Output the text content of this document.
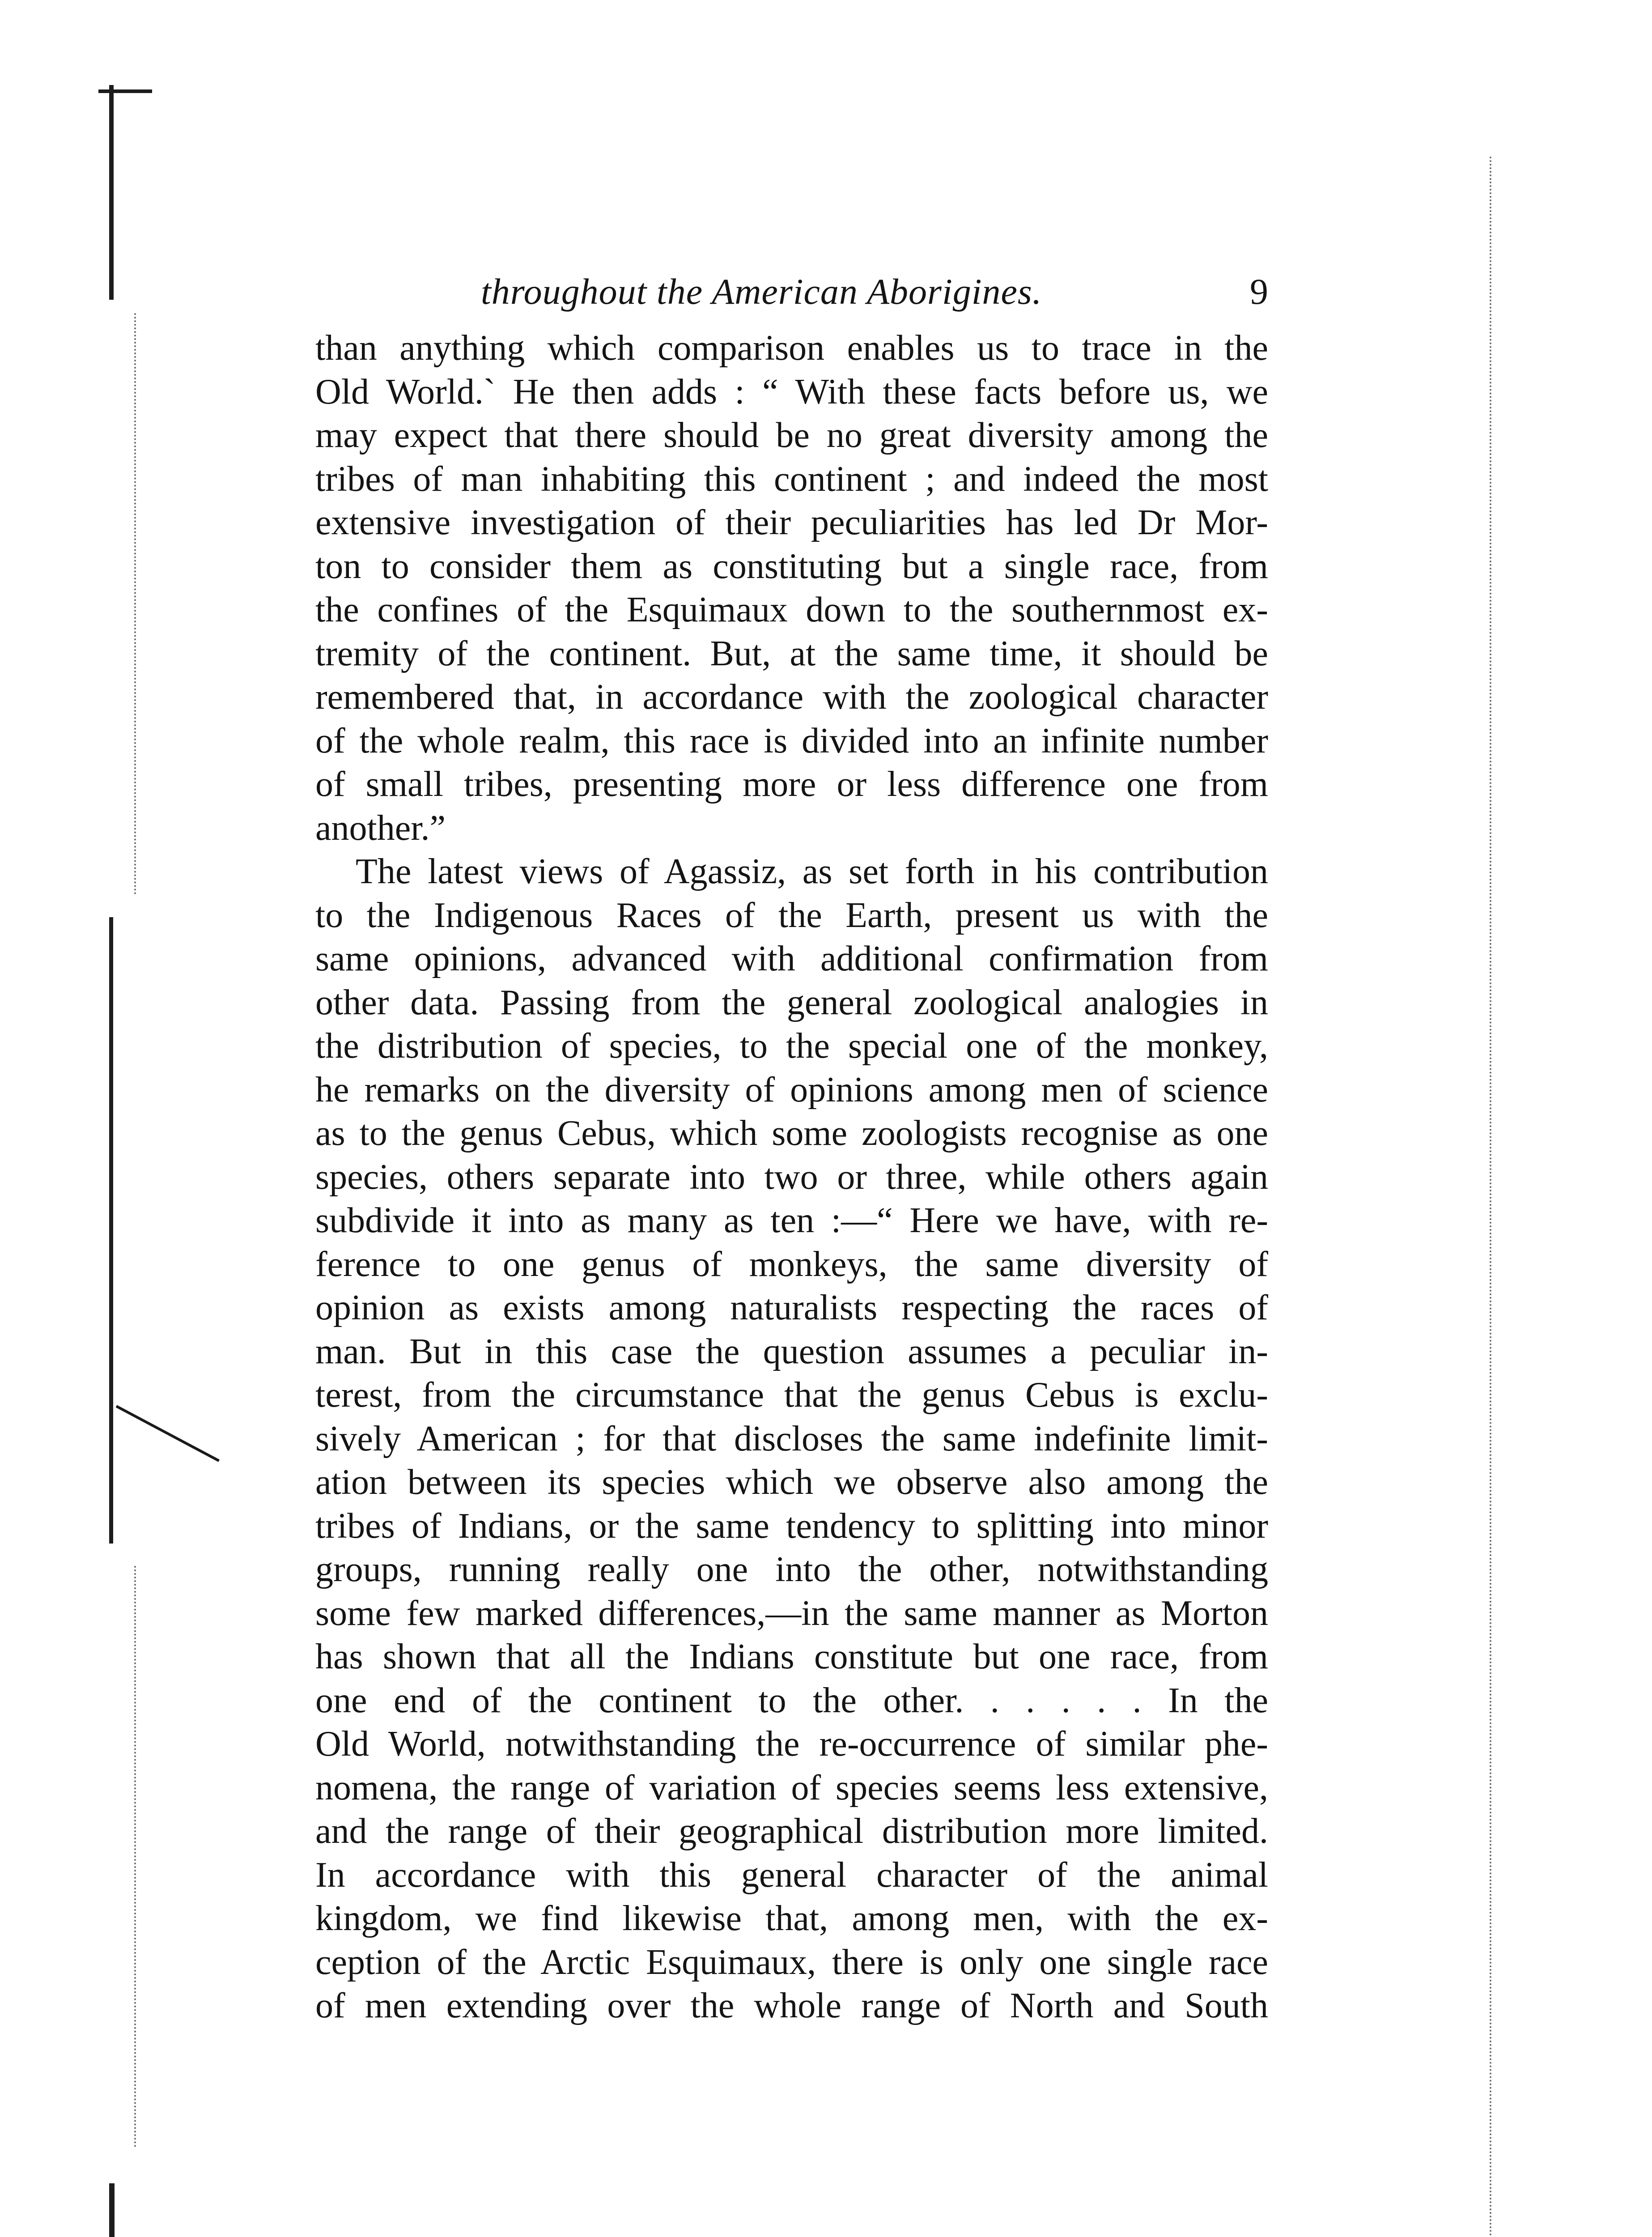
throughout the American Aborigines.	9
than anything which comparison enables us to trace in the
Old World.` He then adds : “ With these facts before us, we
may expect that there should be no great diversity among the
tribes of man inhabiting this continent ; and indeed the most
extensive investigation of their peculiarities has led Dr Mor-
ton to consider them as constituting but a single race, from
the confines of the Esquimaux down to the southernmost ex-
tremity of the continent. But, at the same time, it should be
remembered that, in accordance with the zoological character
of the whole realm, this race is divided into an infinite number
of small tribes, presenting more or less difference one from
another.”
The latest views of Agassiz, as set forth in his contribution
to the Indigenous Races of the Earth, present us with the
same opinions, advanced with additional confirmation from
other data. Passing from the general zoological analogies in
the distribution of species, to the special one of the monkey,
he remarks on the diversity of opinions among men of science
as to the genus Cebus, which some zoologists recognise as one
species, others separate into two or three, while others again
subdivide it into as many as ten :—“ Here we have, with re-
ference to one genus of monkeys, the same diversity of
opinion as exists among naturalists respecting the races of
man. But in this case the question assumes a peculiar in-
terest, from the circumstance that the genus Cebus is exclu-
sively American ; for that discloses the same indefinite limit-
ation between its species which we observe also among the
tribes of Indians, or the same tendency to splitting into minor
groups, running really one into the other, notwithstanding
some few marked differences,—in the same manner as Morton
has shown that all the Indians constitute but one race, from
one end of the continent to the other. . . . . . In the
Old World, notwithstanding the re-occurrence of similar phe-
nomena, the range of variation of species seems less extensive,
and the range of their geographical distribution more limited.
In accordance with this general character of the animal
kingdom, we find likewise that, among men, with the ex-
ception of the Arctic Esquimaux, there is only one single race
of men extending over the whole range of North and South
